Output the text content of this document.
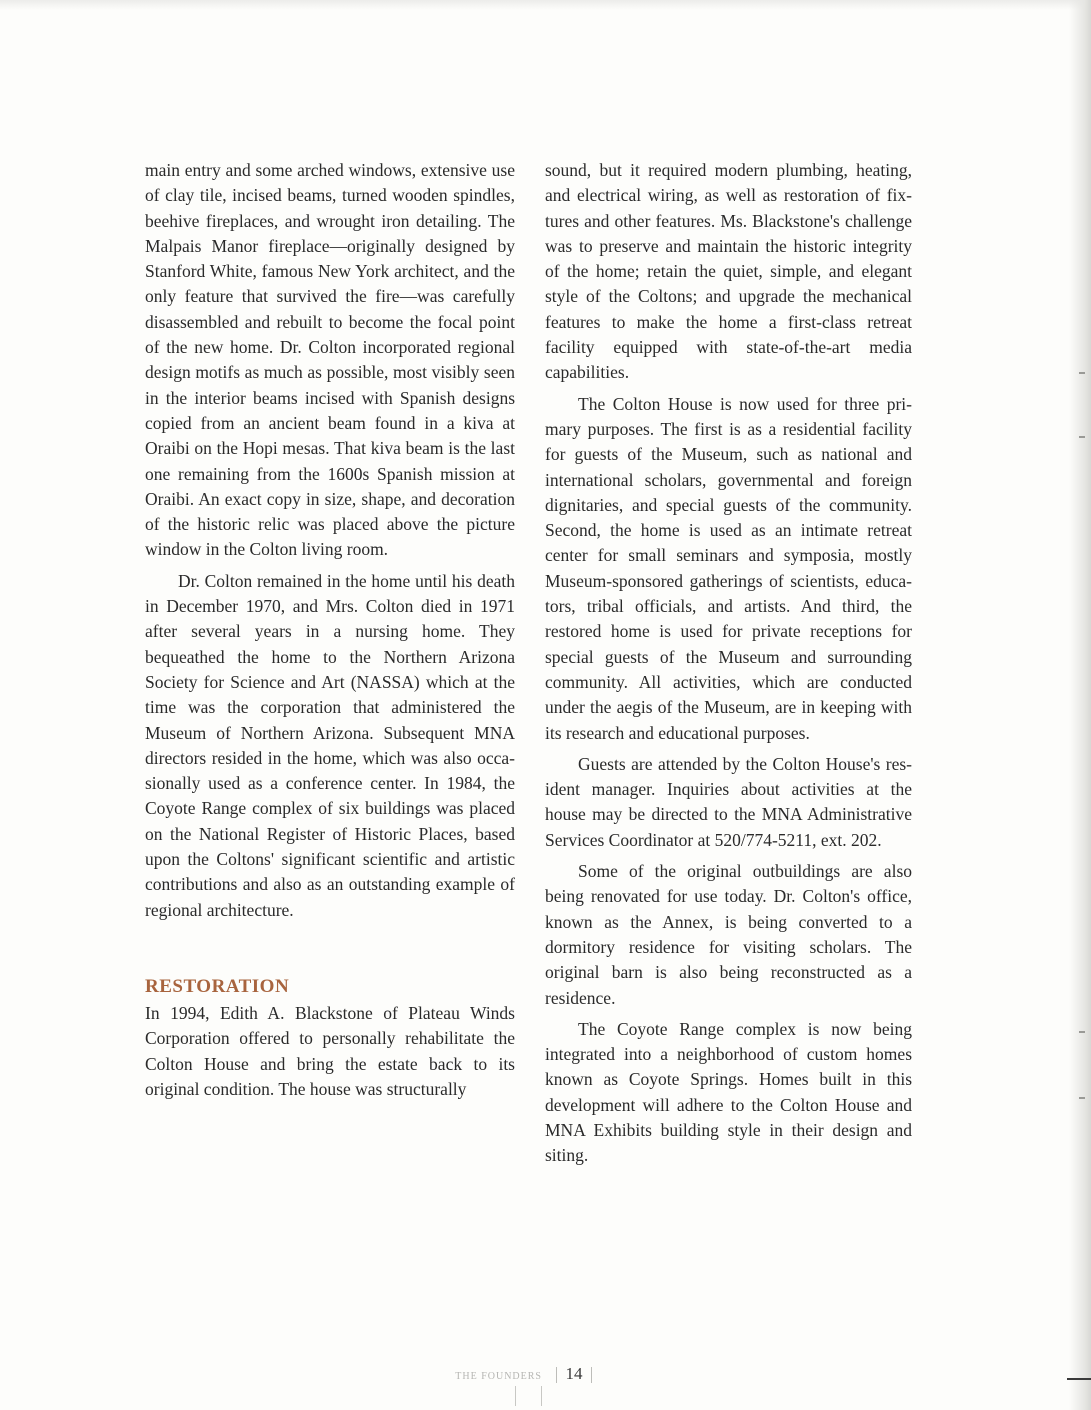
main entry and some arched windows, extensive use of clay tile, incised beams, turned wooden spindles, beehive fireplaces, and wrought iron detailing. The Malpais Manor fireplace—originally designed by Stanford White, famous New York architect, and the only feature that survived the fire—was carefully disassembled and rebuilt to become the focal point of the new home. Dr. Colton incorporated regional design motifs as much as possible, most visibly seen in the interior beams incised with Spanish designs copied from an ancient beam found in a kiva at Oraibi on the Hopi mesas. That kiva beam is the last one remaining from the 1600s Spanish mission at Oraibi. An exact copy in size, shape, and decoration of the historic relic was placed above the picture window in the Colton living room.

Dr. Colton remained in the home until his death in December 1970, and Mrs. Colton died in 1971 after several years in a nursing home. They bequeathed the home to the Northern Arizona Society for Science and Art (NASSA) which at the time was the corporation that administered the Museum of Northern Arizona. Subsequent MNA directors resided in the home, which was also occasionally used as a conference center. In 1984, the Coyote Range complex of six buildings was placed on the National Register of Historic Places, based upon the Coltons' significant scientific and artistic contributions and also as an outstanding example of regional architecture.

RESTORATION

In 1994, Edith A. Blackstone of Plateau Winds Corporation offered to personally rehabilitate the Colton House and bring the estate back to its original condition. The house was structurally

sound, but it required modern plumbing, heating, and electrical wiring, as well as restoration of fixtures and other features. Ms. Blackstone's challenge was to preserve and maintain the historic integrity of the home; retain the quiet, simple, and elegant style of the Coltons; and upgrade the mechanical features to make the home a first-class retreat facility equipped with state-of-the-art media capabilities.

The Colton House is now used for three primary purposes. The first is as a residential facility for guests of the Museum, such as national and international scholars, governmental and foreign dignitaries, and special guests of the community. Second, the home is used as an intimate retreat center for small seminars and symposia, mostly Museum-sponsored gatherings of scientists, educators, tribal officials, and artists. And third, the restored home is used for private receptions for special guests of the Museum and surrounding community. All activities, which are conducted under the aegis of the Museum, are in keeping with its research and educational purposes.

Guests are attended by the Colton House's resident manager. Inquiries about activities at the house may be directed to the MNA Administrative Services Coordinator at 520/774-5211, ext. 202.

Some of the original outbuildings are also being renovated for use today. Dr. Colton's office, known as the Annex, is being converted to a dormitory residence for visiting scholars. The original barn is also being reconstructed as a residence.

The Coyote Range complex is now being integrated into a neighborhood of custom homes known as Coyote Springs. Homes built in this development will adhere to the Colton House and MNA Exhibits building style in their design and siting.

THE FOUNDERS 14
